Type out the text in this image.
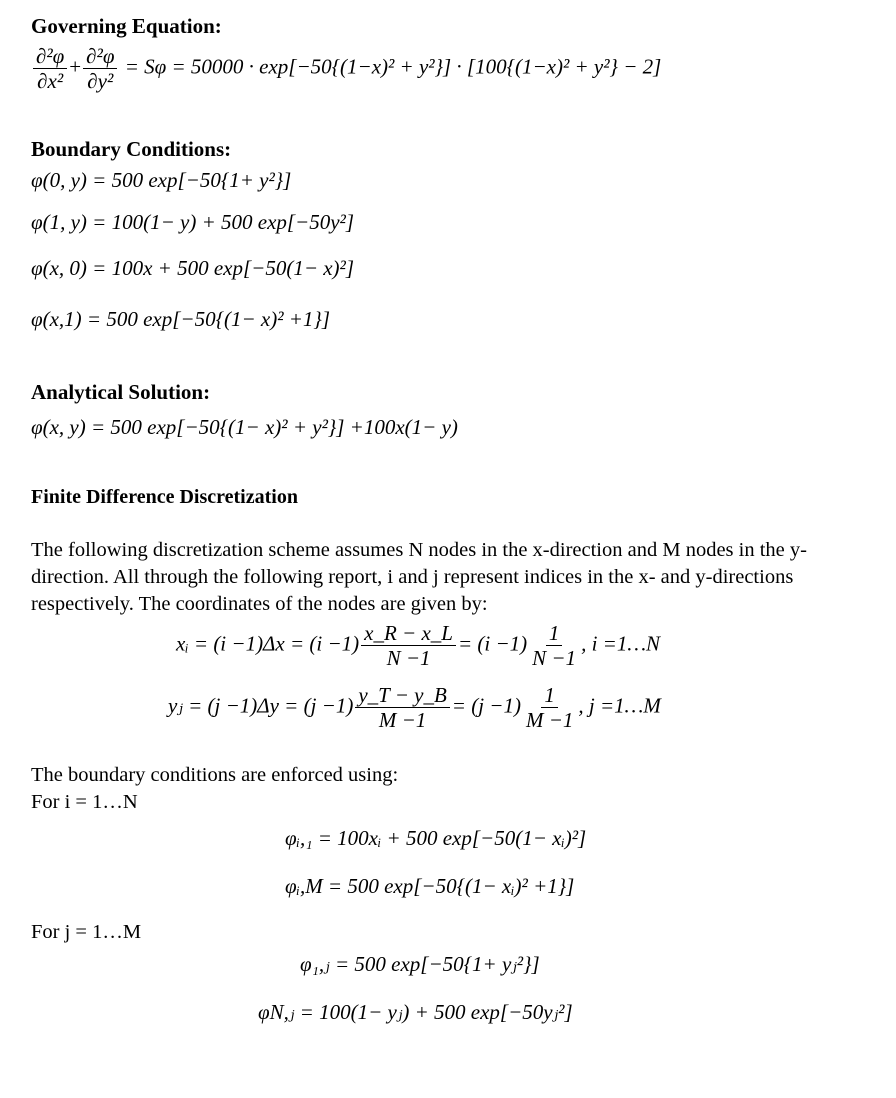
Governing Equation:
$\frac{\text{∂²φ}}{\text{∂x²}} + \frac{\text{∂²φ}}{\text{∂y²}} = S\varphi = 50000 \cdot \exp[-50\{(1-x)^2 + y^2\}] \cdot [100\{(1-x)^2 + y^2\} - 2]$
Boundary Conditions:
φ(0, y) = 500 exp[−50{1+ y²}]
φ(1, y) = 100(1− y) + 500 exp[−50y²]
φ(x, 0) = 100x + 500 exp[−50(1− x)²]
φ(x,1) = 500 exp[−50{(1− x)² +1}]
Analytical Solution:
φ(x, y) = 500 exp[−50{(1− x)² + y²}] +100x(1− y)
Finite Difference Discretization
The following discretization scheme assumes N nodes in the x-direction and M nodes in the y-direction. All through the following report, i and j represent indices in the x- and y-directions respectively. The coordinates of the nodes are given by:
xᵢ = $(i -1)\Delta x = (i -1) \frac{x\_R - x\_L}{N -1} = (i -1) \frac{1}{N -1}$ , i =1…N
yⱼ = $(j -1)\Delta y = (j -1) \frac{y\_T - y\_B}{M -1} = (j -1) \frac{1}{M -1}$ , j =1…M
The boundary conditions are enforced using:
For i = 1…N
φᵢ,₁ = 100xᵢ + 500 exp[−50(1− xᵢ)²]
φᵢ,M = 500 exp[−50{(1− xᵢ)² +1}]
For j = 1…M
φ₁,ⱼ = 500 exp[−50{1+ yⱼ²}]
φN,ⱼ = 100(1− yⱼ) + 500 exp[−50yⱼ²]
